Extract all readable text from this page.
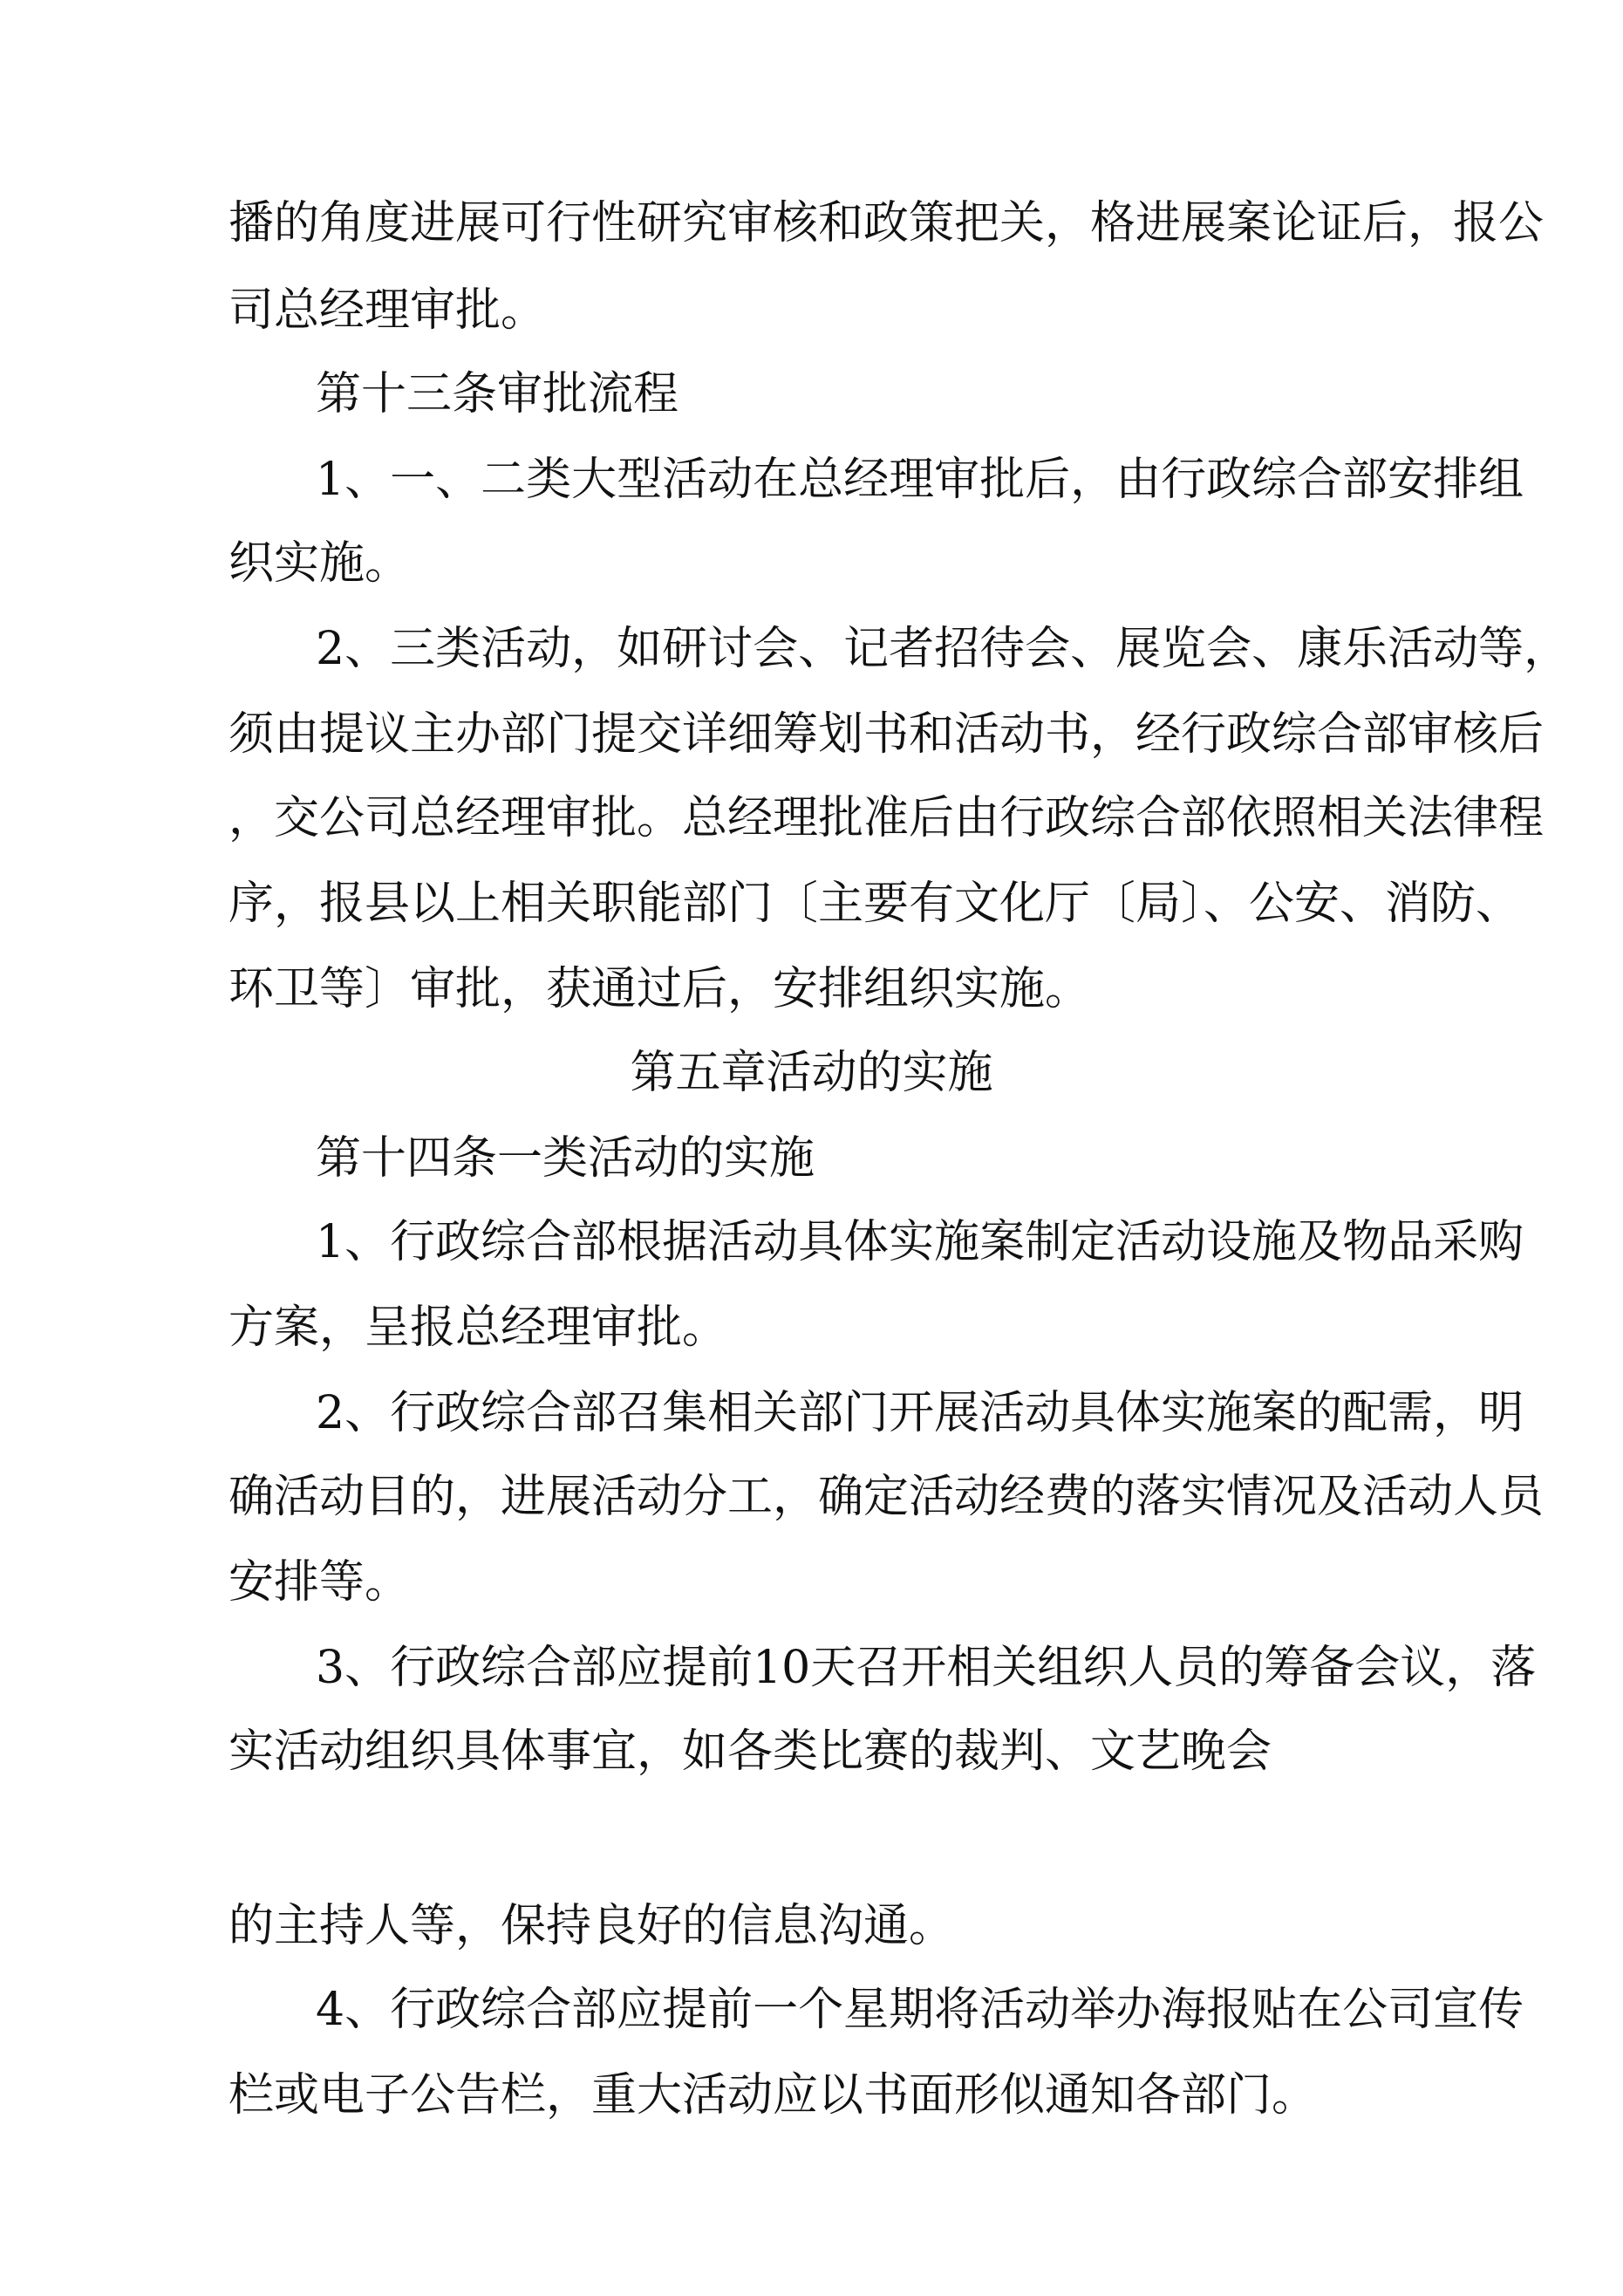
播的角度进展可行性研究审核和政策把关，格进展案论证后，报公
司总经理审批。
第十三条审批流程
1、一、二类大型活动在总经理审批后，由行政综合部安排组
织实施。
2、三类活动，如研讨会、记者招待会、展览会、康乐活动等，
须由提议主办部门提交详细筹划书和活动书，经行政综合部审核后
，交公司总经理审批。总经理批准后由行政综合部依照相关法律程
序，报县以上相关职能部门〔主要有文化厅〔局〕、公安、消防、
环卫等〕审批，获通过后，安排组织实施。
第五章活动的实施
第十四条一类活动的实施
1、行政综合部根据活动具体实施案制定活动设施及物品采购
方案，呈报总经理审批。
2、行政综合部召集相关部门开展活动具体实施案的配需，明
确活动目的，进展活动分工，确定活动经费的落实情况及活动人员
安排等。
3、行政综合部应提前10天召开相关组织人员的筹备会议，落
实活动组织具体事宜，如各类比赛的裁判、文艺晚会
的主持人等，保持良好的信息沟通。
4、行政综合部应提前一个星期将活动举办海报贴在公司宣传
栏或电子公告栏，重大活动应以书面形似通知各部门。
